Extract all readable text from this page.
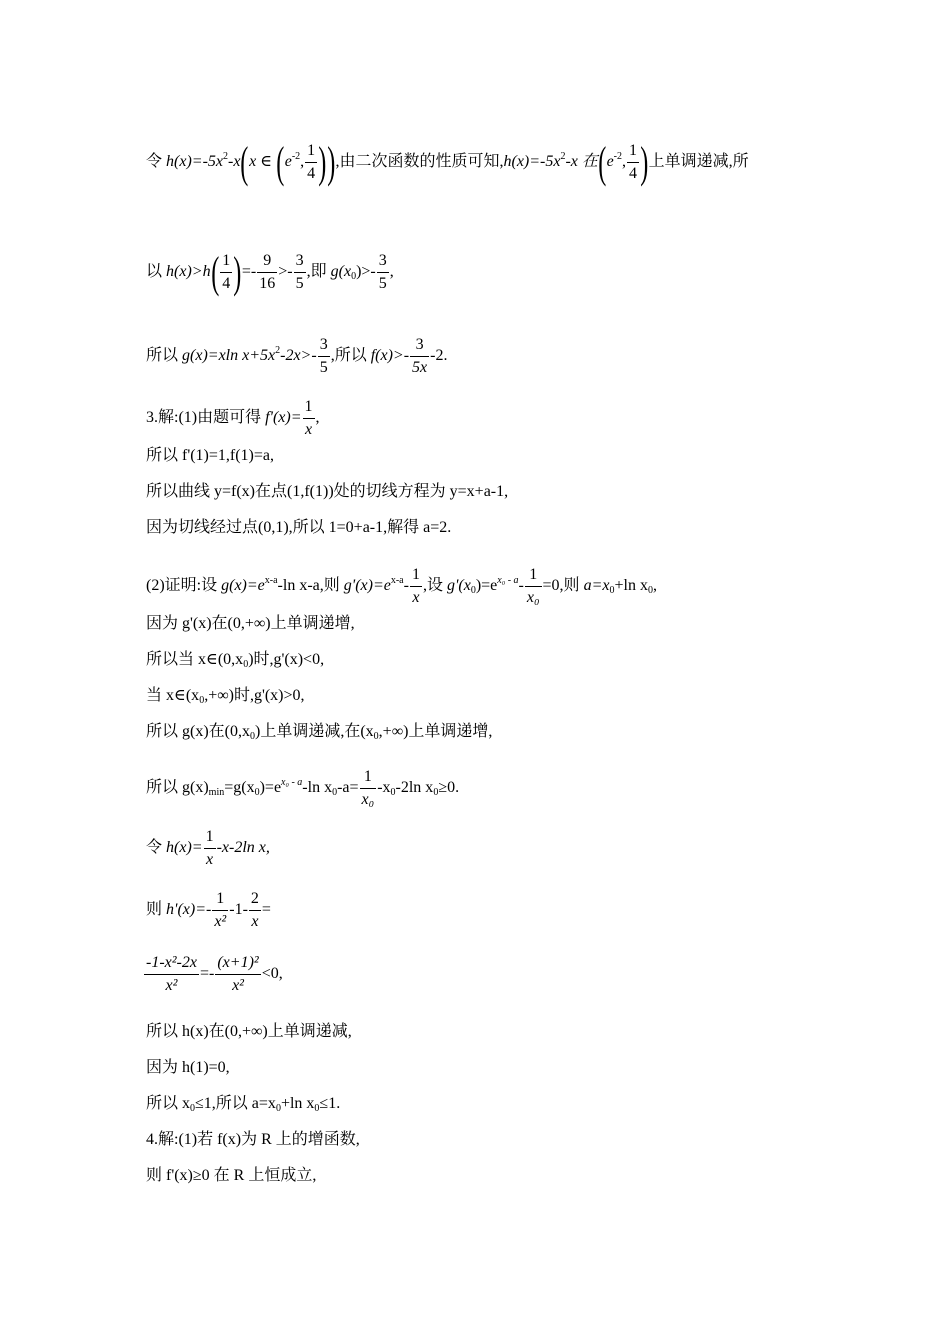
令 $h(x)=-5x^2-x(x$ ∈ ($e^{-2}$, $\frac{1}{4}$ )),由二次函数的性质可知$,h(x)=-5x^2-x$ 在($e^{-2}$, $\frac{1}{4}$ )上单调递减,所
以 $h(x)>h( \frac{1}{4}$ )=- $\frac{9}{16} >- \frac{3}{5}$ ,即 $g(x_0)>- \frac{3}{5}$ ,
所以 g(x)=xln $x+5x^2-2x>- \frac{3}{5}$ ,所以 $f(x)>- \frac{3}{5x} -2$.
3.解:(1)由题可得 $f'(x)= \frac{1}{x}$ ,
所以 f'(1)=1,f(1)=a,
所以曲线 y=f(x)在点(1,f(1))处的切线方程为 y=x+a-1,
因为切线经过点(0,1),所以 1=0+a-1,解得 a=2.
(2)证明:设 $g(x)=e^{x-a}-\ln$ x-a,则 $g'(x)=e^{x-a}- \frac{1}{x}$ ,设 $g'(x_0)=e^{x_0 - a}- \frac{1}{\text{x₀}} =0$,则 $a=x_0+\ln$ $x_0$,
因为 g'(x)在(0,+∞)上单调递增,
所以当 $x\in(0,x_0)$时,g'(x)<0,
当 $x\in(x_0,+\infty)$时,g'(x)>0,
所以 g(x)在$(0,x_0)$上单调递减,在$(x_0,+\infty)$上单调递增,
所以 $g(x)_{min}=g(x_0)=e^{x_0 - a}-\ln$ $x_0-a= \frac{1}{\text{x₀}} -x_0-2\ln$ $x_0\ge 0$.
令 $h(x)= \frac{1}{x} -x-2\ln$ x,
则 $h'(x)=- \frac{1}{\text{x²}} -1- \frac{2}{x}$ =
$\frac{\text{-1-x²-2x}}{\text{x²}} =- \frac{\text{(x+1)²}}{\text{x²}} <0$,
所以 h(x)在(0,+∞)上单调递减,
因为 h(1)=0,
所以 $x_0\le 1$,所以 $a=x_0+\ln$ $x_0\le 1$.
4.解:(1)若 f(x)为 R 上的增函数,
则 f'(x)≥0 在 R 上恒成立,
